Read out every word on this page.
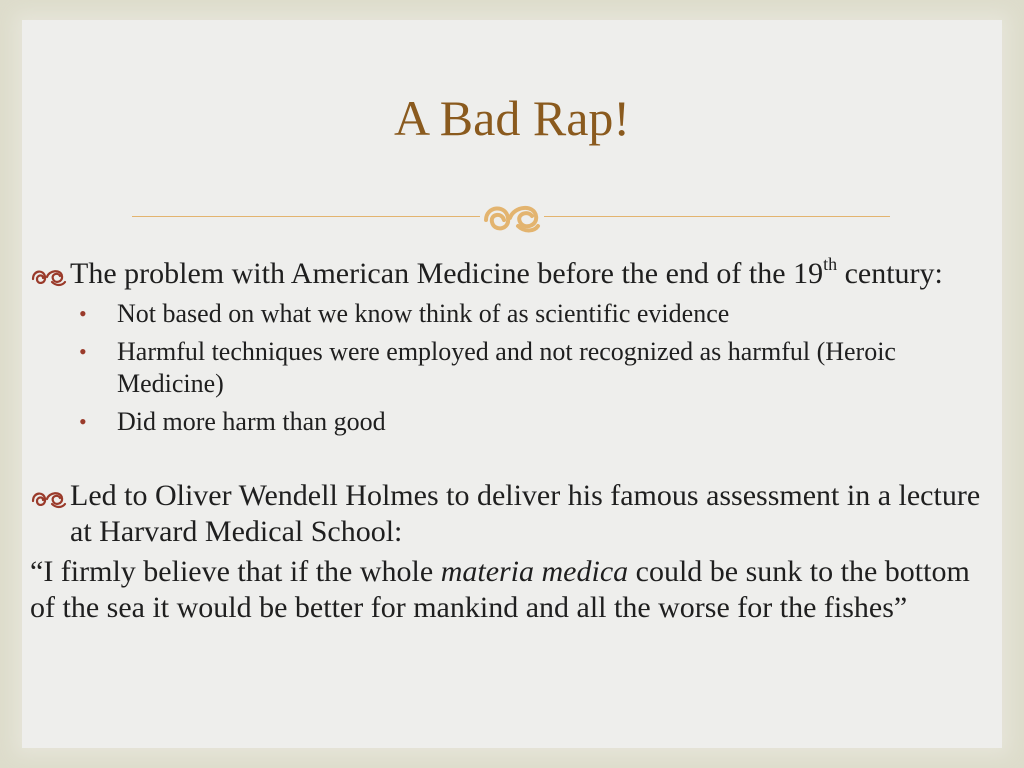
A Bad Rap!
The problem with American Medicine before the end of the 19th century:
• Not based on what we know think of as scientific evidence
• Harmful techniques were employed and not recognized as harmful (Heroic Medicine)
• Did more harm than good
Led to Oliver Wendell Holmes to deliver his famous assessment in a lecture at Harvard Medical School:
“I firmly believe that if the whole materia medica could be sunk to the bottom of the sea it would be better for mankind and all the worse for the fishes”
